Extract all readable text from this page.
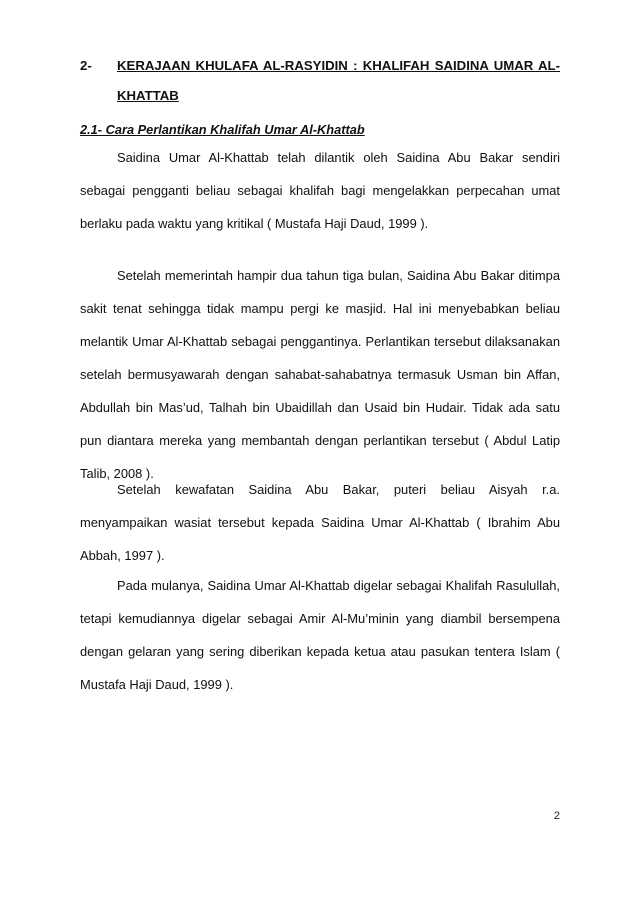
2- KERAJAAN KHULAFA AL-RASYIDIN : KHALIFAH SAIDINA UMAR AL-KHATTAB
2.1- Cara Perlantikan Khalifah Umar Al-Khattab

Saidina Umar Al-Khattab telah dilantik oleh Saidina Abu Bakar sendiri sebagai pengganti beliau sebagai khalifah bagi mengelakkan perpecahan umat berlaku pada waktu yang kritikal ( Mustafa Haji Daud, 1999 ).

Setelah memerintah hampir dua tahun tiga bulan, Saidina Abu Bakar ditimpa sakit tenat sehingga tidak mampu pergi ke masjid. Hal ini menyebabkan beliau melantik Umar Al-Khattab sebagai penggantinya. Perlantikan tersebut dilaksanakan setelah bermusyawarah dengan sahabat-sahabatnya termasuk Usman bin Affan, Abdullah bin Mas’ud, Talhah bin Ubaidillah dan Usaid bin Hudair. Tidak ada satu pun diantara mereka yang membantah dengan perlantikan tersebut ( Abdul Latip Talib, 2008 ).

Setelah kewafatan Saidina Abu Bakar, puteri beliau Aisyah r.a. menyampaikan wasiat tersebut kepada Saidina Umar Al-Khattab ( Ibrahim Abu Abbah, 1997 ).

Pada mulanya, Saidina Umar Al-Khattab digelar sebagai Khalifah Rasulullah, tetapi kemudiannya digelar sebagai Amir Al-Mu’minin yang diambil bersempena dengan gelaran yang sering diberikan kepada ketua atau pasukan tentera Islam ( Mustafa Haji Daud, 1999 ).

2
